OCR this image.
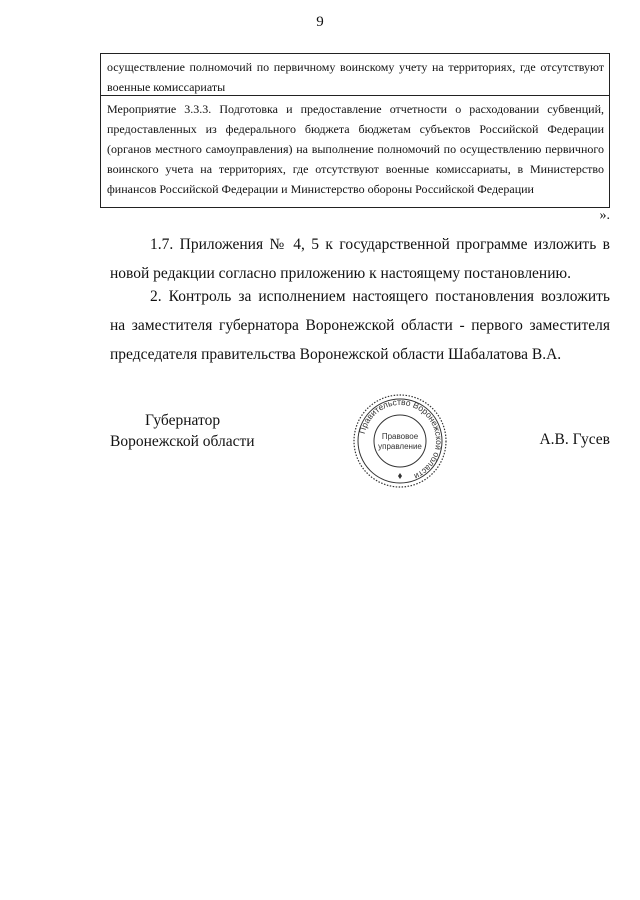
9
осуществление полномочий по первичному воинскому учету на территориях, где отсутствуют военные комиссариаты
Мероприятие 3.3.3. Подготовка и предоставление отчетности о расходовании субвенций, предоставленных из федерального бюджета бюджетам субъектов Российской Федерации (органов местного самоуправления) на выполнение полномочий по осуществлению первичного воинского учета на территориях, где отсутствуют военные комиссариаты, в Министерство финансов Российской Федерации и Министерство обороны Российской Федерации
».
1.7. Приложения № 4, 5 к государственной программе изложить в новой редакции согласно приложению к настоящему постановлению.
2. Контроль за исполнением настоящего постановления возложить на заместителя губернатора Воронежской области - первого заместителя председателя правительства Воронежской области Шабалатова В.А.
Губернатор
Воронежской области
Правительство Воронежской области
Правовое
управление	А.В. Гусев
